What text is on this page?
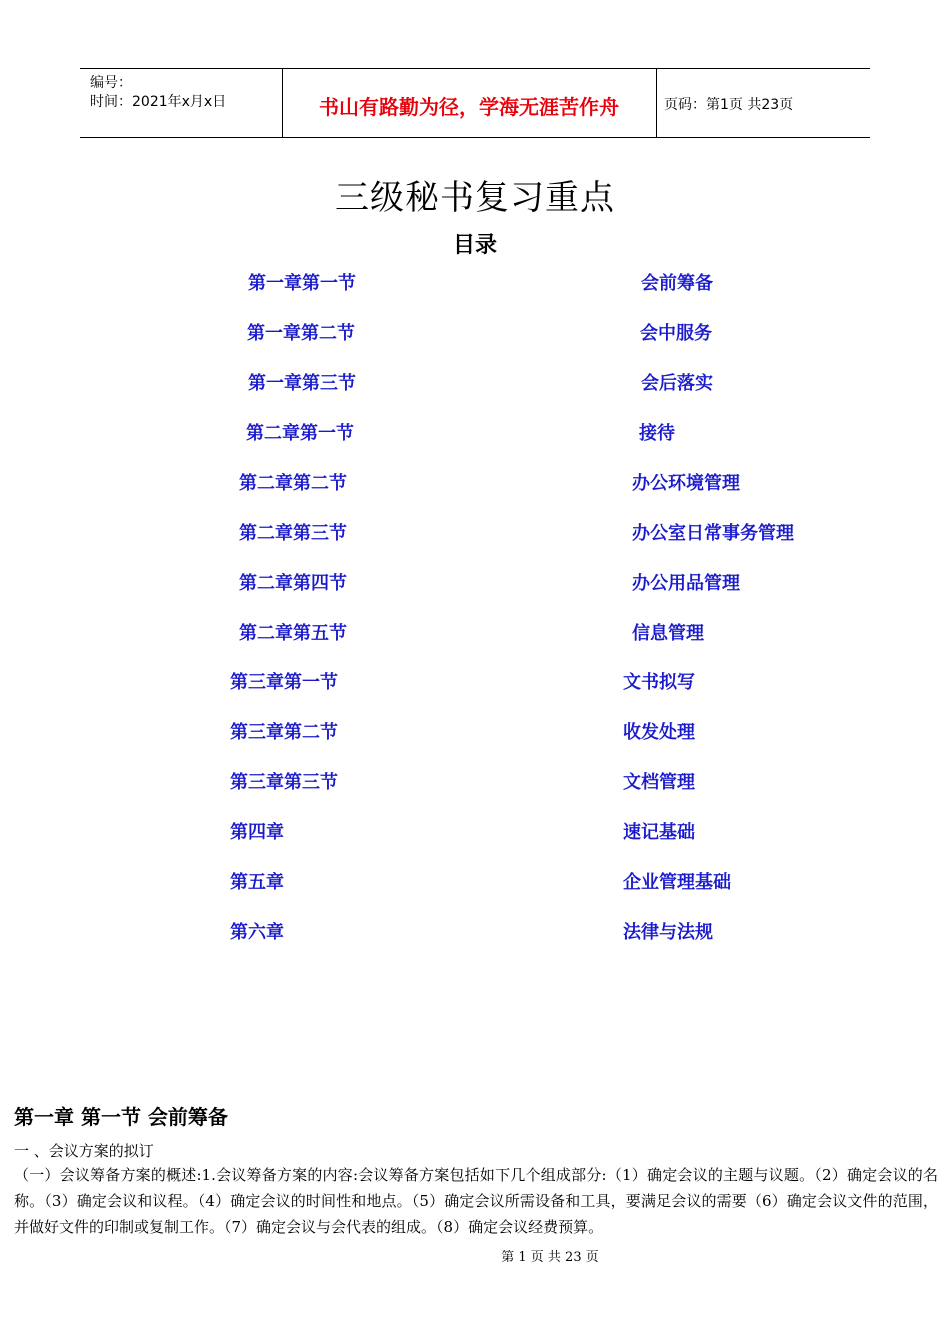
编号：
时间：2021年x月x日	书山有路勤为径，学海无涯苦作舟	页码：第1页 共23页
三级秘书复习重点
目录
第一章第一节	会前筹备
第一章第二节	会中服务
第一章第三节	会后落实
第二章第一节	接待
第二章第二节	办公环境管理
第二章第三节	办公室日常事务管理
第二章第四节	办公用品管理
第二章第五节	信息管理
第三章第一节	文书拟写
第三章第二节	收发处理
第三章第三节	文档管理
第四章	速记基础
第五章	企业管理基础
第六章	法律与法规
第一章 第一节 会前筹备
一 、会议方案的拟订
（一）会议筹备方案的概述:1.会议筹备方案的内容:会议筹备方案包括如下几个组成部分:（1）确定会议的主题与议题。（2）确定会议的名称。（3）确定会议和议程。（4）确定会议的时间性和地点。（5）确定会议所需设备和工具，要满足会议的需要（6）确定会议文件的范围，并做好文件的印制或复制工作。（7）确定会议与会代表的组成。（8）确定会议经费预算。
第 1 页 共 23 页
